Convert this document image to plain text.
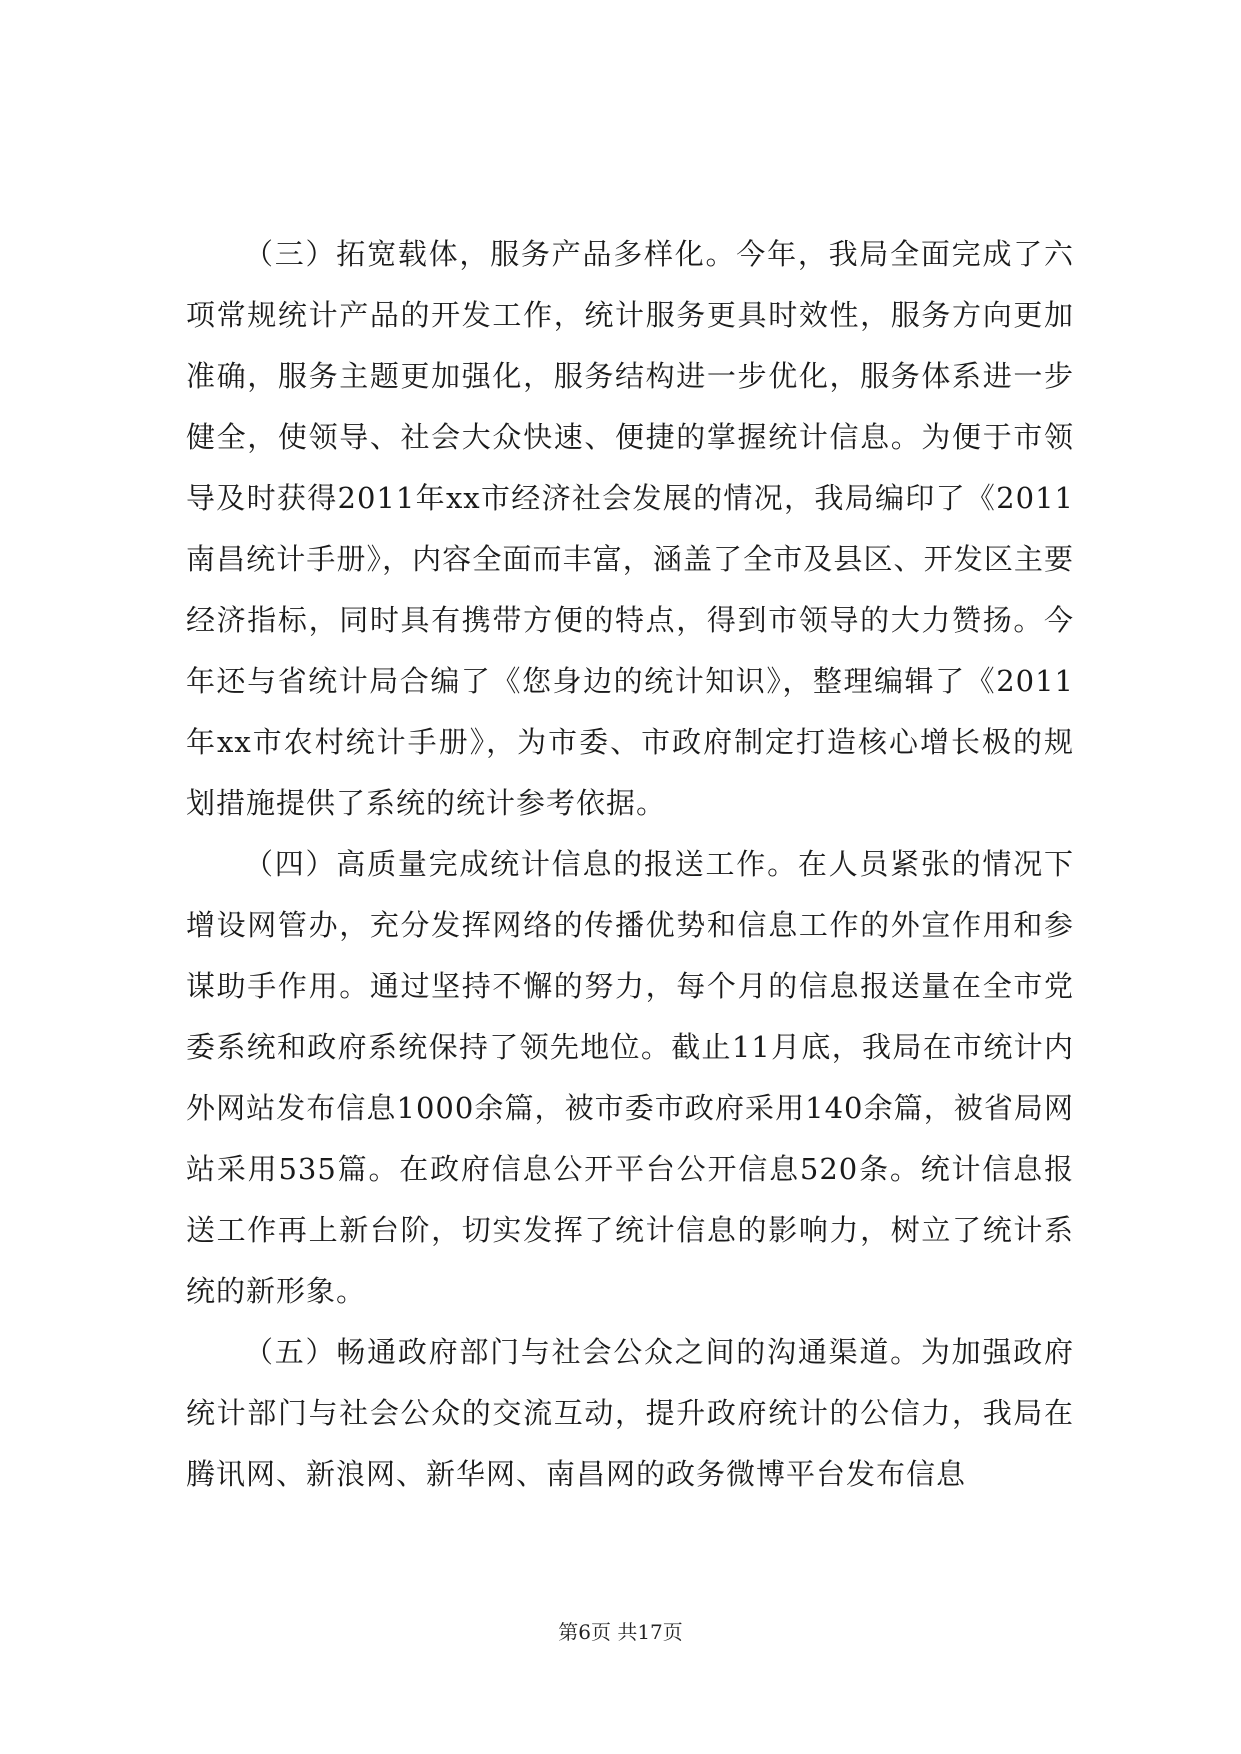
（三）拓宽载体，服务产品多样化。今年，我局全面完成了六项常规统计产品的开发工作，统计服务更具时效性，服务方向更加准确，服务主题更加强化，服务结构进一步优化，服务体系进一步健全，使领导、社会大众快速、便捷的掌握统计信息。为便于市领导及时获得2011年xx市经济社会发展的情况，我局编印了《2011南昌统计手册》，内容全面而丰富，涵盖了全市及县区、开发区主要经济指标，同时具有携带方便的特点，得到市领导的大力赞扬。今年还与省统计局合编了《您身边的统计知识》，整理编辑了《2011年xx市农村统计手册》，为市委、市政府制定打造核心增长极的规划措施提供了系统的统计参考依据。

（四）高质量完成统计信息的报送工作。在人员紧张的情况下增设网管办，充分发挥网络的传播优势和信息工作的外宣作用和参谋助手作用。通过坚持不懈的努力，每个月的信息报送量在全市党委系统和政府系统保持了领先地位。截止11月底，我局在市统计内外网站发布信息1000余篇，被市委市政府采用140余篇，被省局网站采用535篇。在政府信息公开平台公开信息520条。统计信息报送工作再上新台阶，切实发挥了统计信息的影响力，树立了统计系统的新形象。

（五）畅通政府部门与社会公众之间的沟通渠道。为加强政府统计部门与社会公众的交流互动，提升政府统计的公信力，我局在腾讯网、新浪网、新华网、南昌网的政务微博平台发布信息

第6页 共17页
